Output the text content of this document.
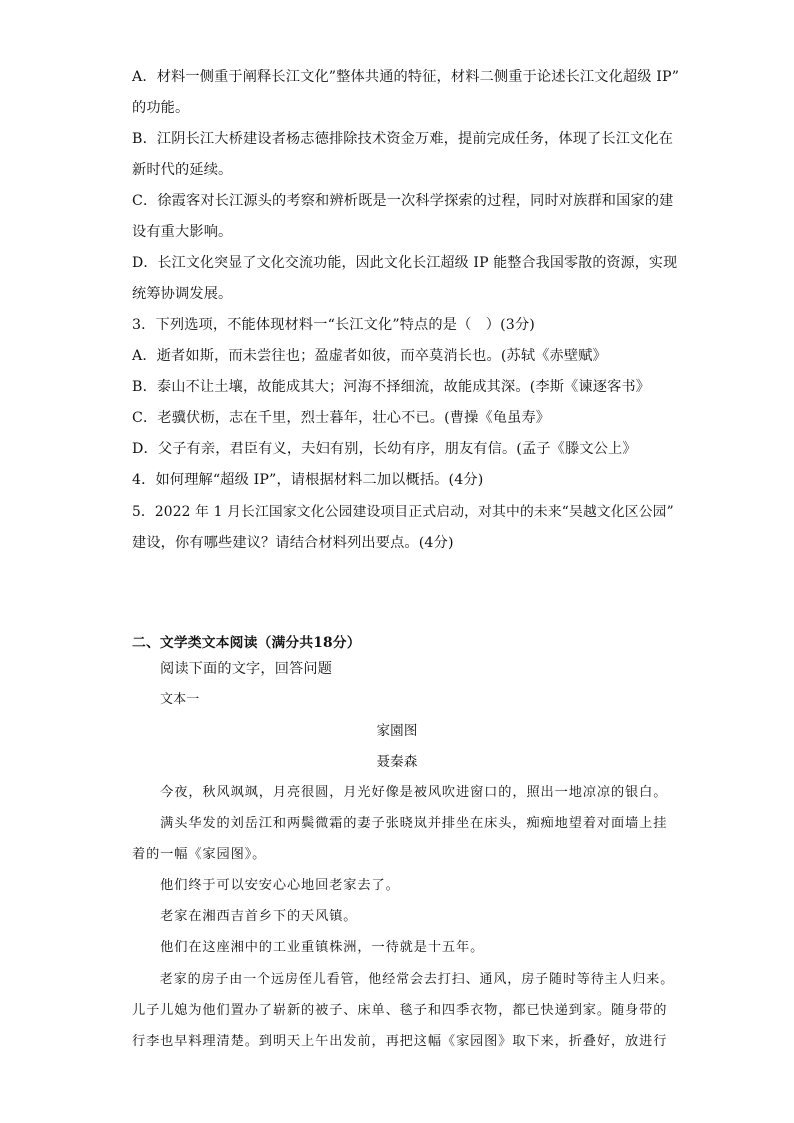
A．材料一侧重于阐释长江文化”整体共通的特征，材料二侧重于论述长江文化超级 IP”
的功能。
B．江阴长江大桥建设者杨志德排除技术资金万难，提前完成任务，体现了长江文化在
新时代的延续。
C．徐霞客对长江源头的考察和辨析既是一次科学探索的过程，同时对族群和国家的建
设有重大影响。
D．长江文化突显了文化交流功能，因此文化长江超级 IP 能整合我国零散的资源，实现
统筹协调发展。
3．下列选项，不能体现材料一“长江文化”特点的是（　）(3分)
A．逝者如斯，而未尝往也；盈虚者如彼，而卒莫消长也。(苏轼《赤壁赋》
B．泰山不让土壤，故能成其大；河海不择细流，故能成其深。(李斯《谏逐客书》
C．老骥伏枥，志在千里，烈士暮年，壮心不已。(曹操《龟虽寿》
D．父子有亲，君臣有义，夫妇有别，长幼有序，朋友有信。(孟子《滕文公上》
4．如何理解“超级 IP”，请根据材料二加以概括。(4分)
5．2022 年 1 月长江国家文化公园建设项目正式启动，对其中的未来“吴越文化区公园”
建设，你有哪些建议？请结合材料列出要点。(4分)
二、文学类文本阅读（满分共18分）
阅读下面的文字，回答问题
文本一
家園图
聂秦森
　　今夜，秋风飒飒，月亮很圆，月光好像是被风吹进窗口的，照出一地凉凉的银白。
　　满头华发的刘岳江和两鬓微霜的妻子张晓岚并排坐在床头，痴痴地望着对面墙上挂
着的一幅《家园图》。
　　他们终于可以安安心心地回老家去了。
　　老家在湘西吉首乡下的天风镇。
　　他们在这座湘中的工业重镇株洲，一待就是十五年。
　　老家的房子由一个远房侄儿看管，他经常会去打扫、通风，房子随时等待主人归来。
儿子儿媳为他们置办了崭新的被子、床单、毯子和四季衣物，都已快递到家。随身带的
行李也早料理清楚。到明天上午出发前，再把这幅《家园图》取下来，折叠好，放进行
